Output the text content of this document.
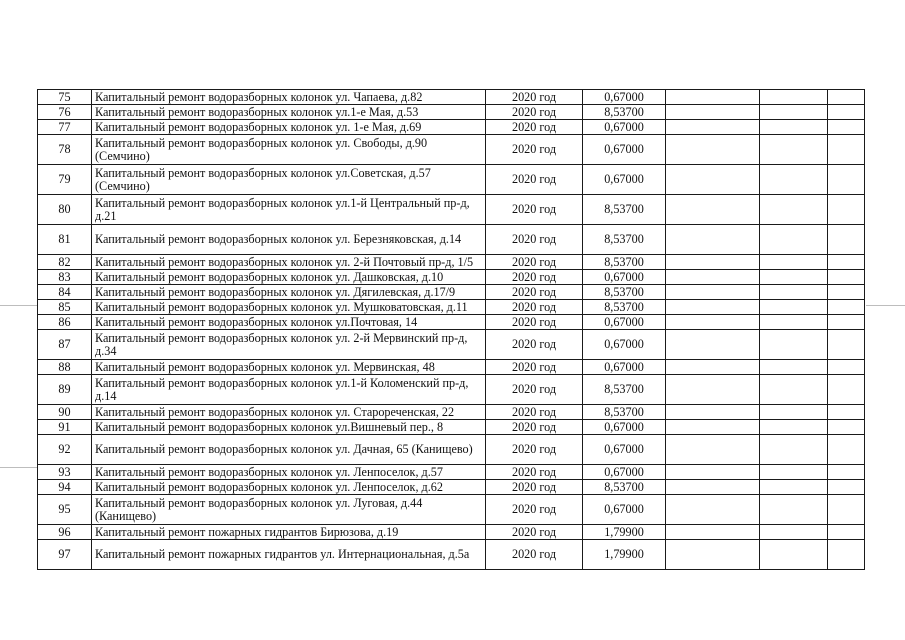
75	Капитальный ремонт водоразборных колонок ул. Чапаева, д.82	2020 год	0,67000			
76	Капитальный ремонт водоразборных колонок ул.1-е Мая, д.53	2020 год	8,53700			
77	Капитальный ремонт водоразборных колонок ул. 1-е Мая, д.69	2020 год	0,67000			
78	Капитальный ремонт водоразборных колонок ул. Свободы, д.90 (Семчино)	2020 год	0,67000			
79	Капитальный ремонт водоразборных колонок ул.Советская, д.57 (Семчино)	2020 год	0,67000			
80	Капитальный ремонт водоразборных колонок ул.1-й Центральный пр-д, д.21	2020 год	8,53700			
81	Капитальный ремонт водоразборных колонок ул. Березняковская, д.14	2020 год	8,53700			
82	Капитальный ремонт водоразборных колонок ул. 2-й Почтовый пр-д, 1/5	2020 год	8,53700			
83	Капитальный ремонт водоразборных колонок ул. Дашковская, д.10	2020 год	0,67000			
84	Капитальный ремонт водоразборных колонок ул. Дягилевская, д.17/9	2020 год	8,53700			
85	Капитальный ремонт водоразборных колонок ул. Мушковатовская, д.11	2020 год	8,53700			
86	Капитальный ремонт водоразборных колонок ул.Почтовая, 14	2020 год	0,67000			
87	Капитальный ремонт водоразборных колонок ул. 2-й Мервинский пр-д, д.34	2020 год	0,67000			
88	Капитальный ремонт водоразборных колонок ул. Мервинская, 48	2020 год	0,67000			
89	Капитальный ремонт водоразборных колонок ул.1-й Коломенский пр-д, д.14	2020 год	8,53700			
90	Капитальный ремонт водоразборных колонок ул. Старореченская, 22	2020 год	8,53700			
91	Капитальный ремонт водоразборных колонок ул.Вишневый пер., 8	2020 год	0,67000			
92	Капитальный ремонт водоразборных колонок ул. Дачная, 65 (Канищево)	2020 год	0,67000			
93	Капитальный ремонт водоразборных колонок ул. Ленпоселок, д.57	2020 год	0,67000			
94	Капитальный ремонт водоразборных колонок ул. Ленпоселок, д.62	2020 год	8,53700			
95	Капитальный ремонт водоразборных колонок ул. Луговая, д.44 (Канищево)	2020 год	0,67000			
96	Капитальный ремонт пожарных гидрантов Бирюзова, д.19	2020 год	1,79900			
97	Капитальный ремонт пожарных гидрантов ул. Интернациональная, д.5а	2020 год	1,79900			
